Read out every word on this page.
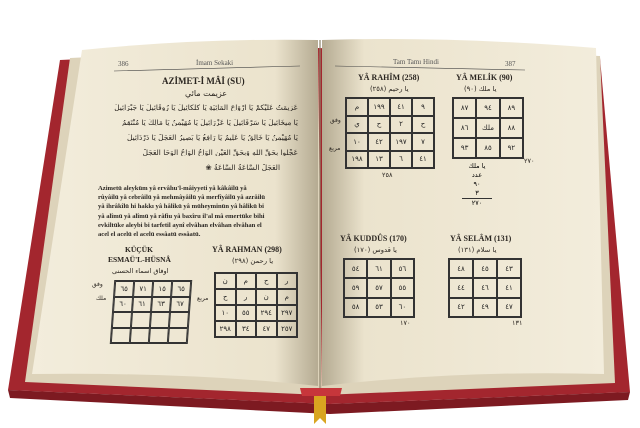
386	İmam Sekaki
AZİMET-İ MÂİ (SU)
عزيمت مائي
عَزِيمَتُ عَلَيْكُمْ يَا اَرْوَاحَ الْمَائِيَةِ يَا كَلْكَائِيلُ يَا رُوقَائِيلُ يَا جَبْرَائِيلُ
يَا مِيخَائِيلُ يَا سَرْفَائِيلُ يَا عَزْرَائِيلُ يَا مُهَيْمِنُ يَا مَالِكُ يَا مُنْتَقِمُ
يَا مُهَيْمِنُ يَا خَالِقُ يَا عَلِيمُ يَا رَافِعُ يَا بَصِيرُ اَلْعَجَلْ يَا دَرْدَائِيلُ
عَجِّلُوا بِحَقِّ اَللّٰهِ وَبِحَقِّ الْعَيْنِ اَلْوَاحُ اَلْوَاحُ اَلْوَحَا اَلْعَجَلْ
اَلْعَجَلْ اَلسَّاعَةُ اَلسَّاعَةُ ❀
Azimetü aleyküm yâ ervâhu'l-mâiyyeti yâ kâkâilü yâ
rûyâilü yâ cebrâilü yâ mehmâyâilü yâ merfîyâilü yâ azrâilü
yâ ihrâkîlü hi hakkı yâ hâlikü yâ müheyminün yâ hâlikü bi
yâ alîmü yâ alîmü yâ râfiu yâ baxîru il'al mâ emertüke bihi
evkiltüke aleybi bi tarfetil aynî elvâhan elvâhan elvâhan el
acel el acelü el acelü essâatü essâatü.
KÜÇÜK
ESMAÜ'L-HÜSNÂ
اوفاق اسماء الحسنى
وفق
ملك
٦٥	٧١	١٥	٦٥
٦٠	٦١	٦٣	٦٧
YÂ RAHMAN (298)
يا رحمن (٢٩٨)
مربع
ن	م	ح	ر
ح	ر	ن	م
١٠	٥٥	٢٩٤	٢٩٧
٢٩٨	٣٤	٤٧	٢٥٧
Tam Tamı Hindi	387
YÂ RAHÎM (258)
يا رحيم (٢٥٨)
وفق
مربع
م	١٩٩	٤١	٩
ي	ح	٢	ح
١٠	٤٢	١٩٧	٧
١٩٨	١٣	٦	٤١
٢٥٨
YÂ MELİK (90)
يا ملك (٩٠)
٨٧	٩٤	٨٩
٨٦	ملك	٨٨
٩٣	٨٥	٩٢
٢٧٠
يا ملك
عدد
٩٠
٣
٢٧٠
YÂ KUDDÛS (170)
يا قدوس (١٧٠)
٥٤	٦١	٥٦
٥٩	٥٧	٥٥
٥٨	٥٣	٦٠
١٧٠
YÂ SELÂM (131)
يا سلام (١٣١)
٤٨	٤٥	٤٣
٤٤	٤٦	٤١
٤٢	٤٩	٤٧
١٣١
